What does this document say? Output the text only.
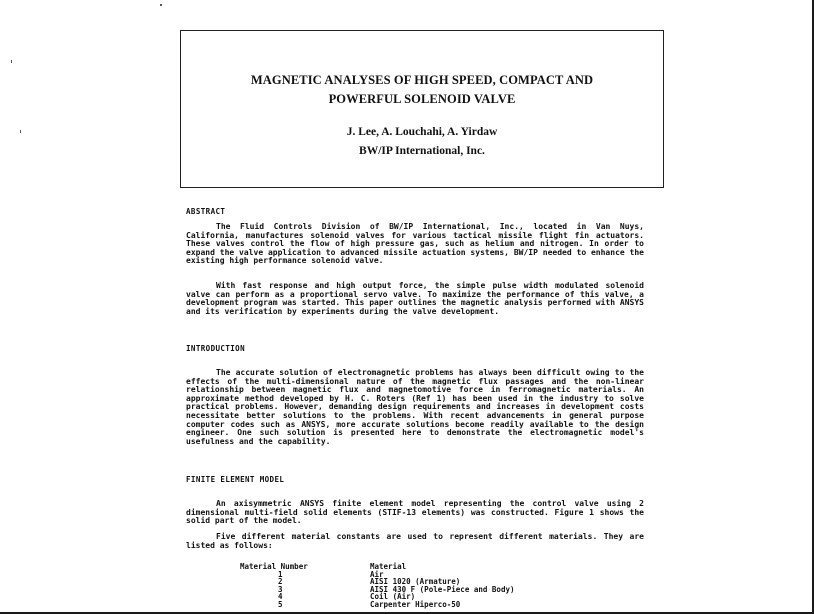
MAGNETIC ANALYSES OF HIGH SPEED, COMPACT AND
POWERFUL SOLENOID VALVE
J. Lee, A. Louchahi, A. Yirdaw
BW/IP International, Inc.
ABSTRACT

The Fluid Controls Division of BW/IP International, Inc., located in Van Nuys, California, manufactures solenoid valves for various tactical missile flight fin actuators. These valves control the flow of high pressure gas, such as helium and nitrogen. In order to expand the valve application to advanced missile actuation systems, BW/IP needed to enhance the existing high performance solenoid valve.

With fast response and high output force, the simple pulse width modulated solenoid valve can perform as a proportional servo valve. To maximize the performance of this valve, a development program was started. This paper outlines the magnetic analysis performed with ANSYS and its verification by experiments during the valve development.

INTRODUCTION

The accurate solution of electromagnetic problems has always been difficult owing to the effects of the multi-dimensional nature of the magnetic flux passages and the non-linear relationship between magnetic flux and magnetomotive force in ferromagnetic materials. An approximate method developed by H. C. Roters (Ref 1) has been used in the industry to solve practical problems. However, demanding design requirements and increases in development costs necessitate better solutions to the problems. With recent advancements in general purpose computer codes such as ANSYS, more accurate solutions become readily available to the design engineer. One such solution is presented here to demonstrate the electromagnetic model's usefulness and the capability.

FINITE ELEMENT MODEL

An axisymmetric ANSYS finite element model representing the control valve using 2 dimensional multi-field solid elements (STIF-13 elements) was constructed. Figure 1 shows the solid part of the model.

Five different material constants are used to represent different materials. They are listed as follows:

Material Number	Material
1	Air
2	AISI 1020 (Armature)
3	AISI 430 F (Pole-Piece and Body)
4	Coil (Air)
5	Carpenter Hiperco-50
